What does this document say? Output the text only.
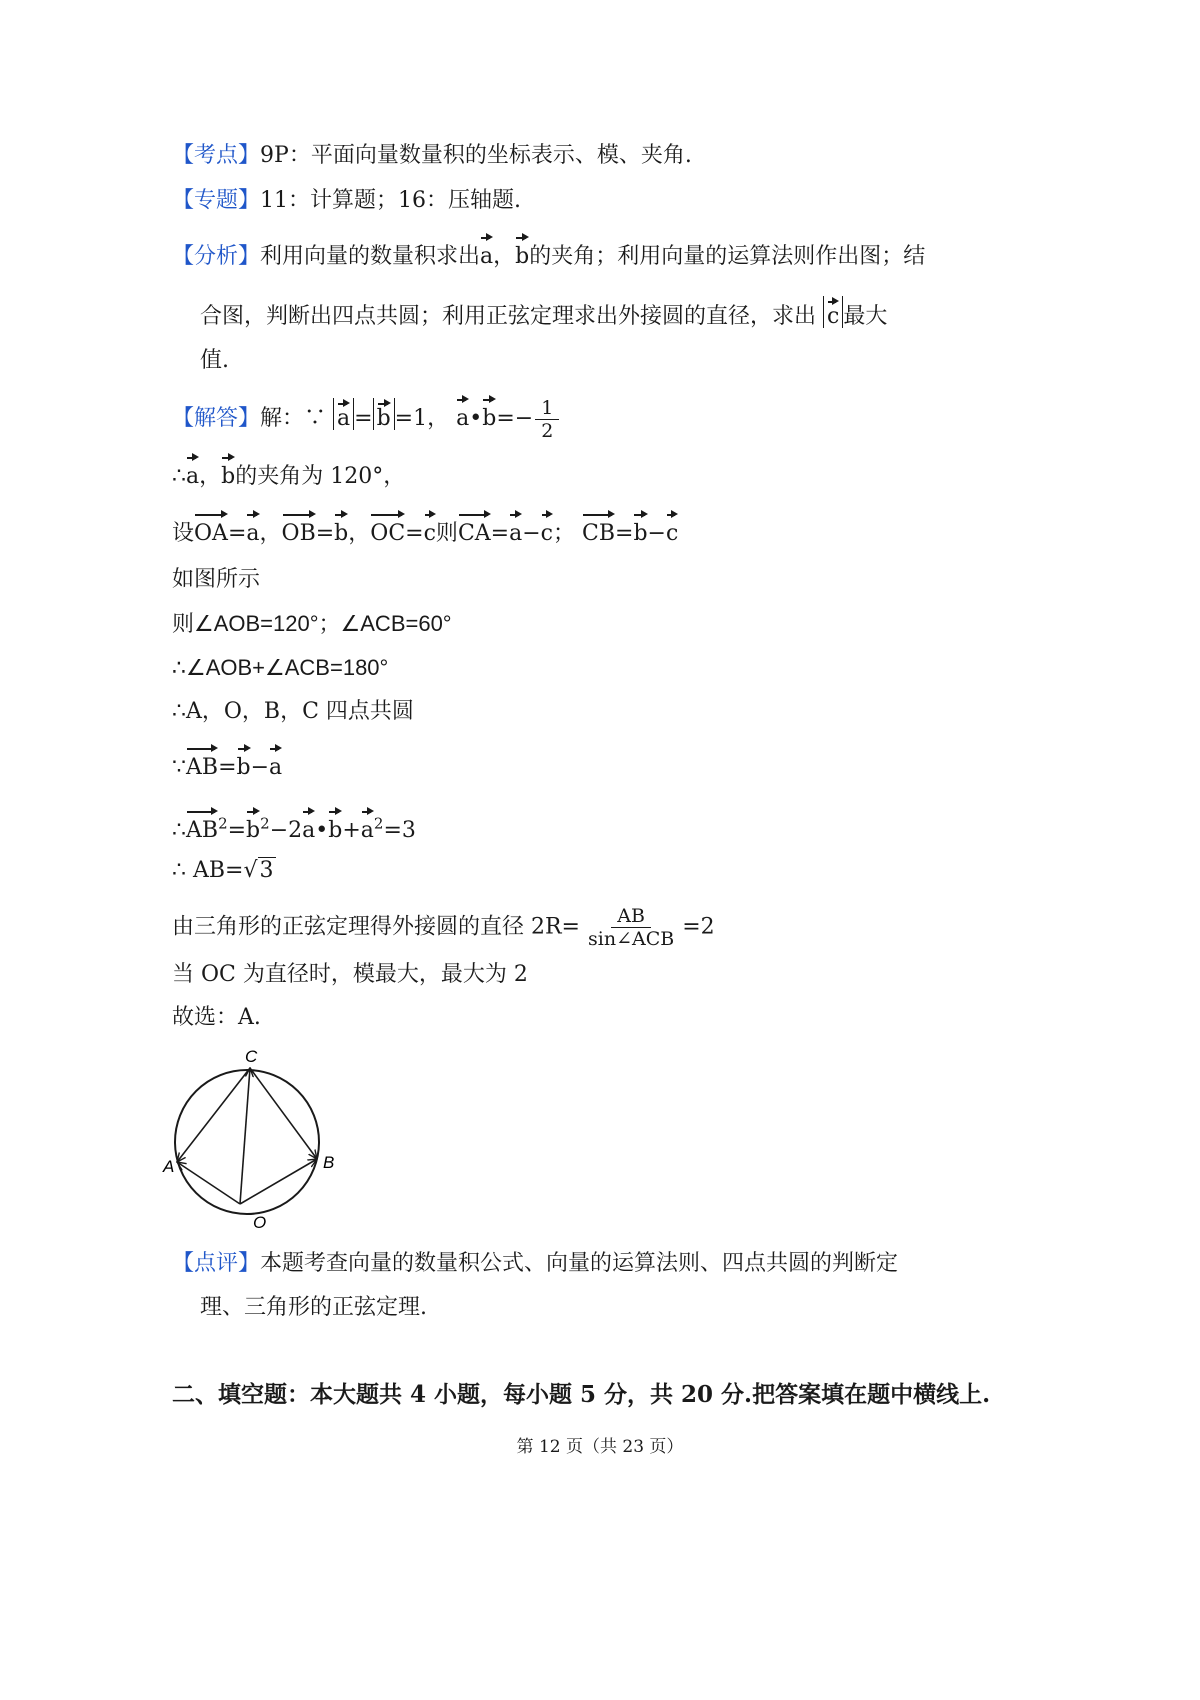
【考点】9P：平面向量数量积的坐标表示、模、夹角.
【专题】11：计算题；16：压轴题.
【分析】利用向量的数量积求出a，b的夹角；利用向量的运算法则作出图；结
合图，判断出四点共圆；利用正弦定理求出外接圆的直径，求出 c 最大
值.
【解答】解：∵ a = b =1， a•b=− $\frac{1}{2}$
∴a，b的夹角为 120°，
设OA=a，OB=b，OC=c则CA=a−c； CB=b−c
如图所示
则∠AOB=120°；∠ACB=60°
∴∠AOB+∠ACB=180°
∴A，O，B，C 四点共圆
∵AB=b−a
$\therefore AB^2=b^2-2a•b+a^2=3$
∴ AB=√3
由三角形的正弦定理得外接圆的直径 $2R= \frac{AB}{\text{sin∠ACB}} =2$
当 OC 为直径时，模最大，最大为 2
故选：A.
C
A	B
O
【点评】本题考查向量的数量积公式、向量的运算法则、四点共圆的判断定
理、三角形的正弦定理.
二、填空题：本大题共 4 小题，每小题 5 分，共 20 分.把答案填在题中横线上.
第 12 页（共 23 页）
